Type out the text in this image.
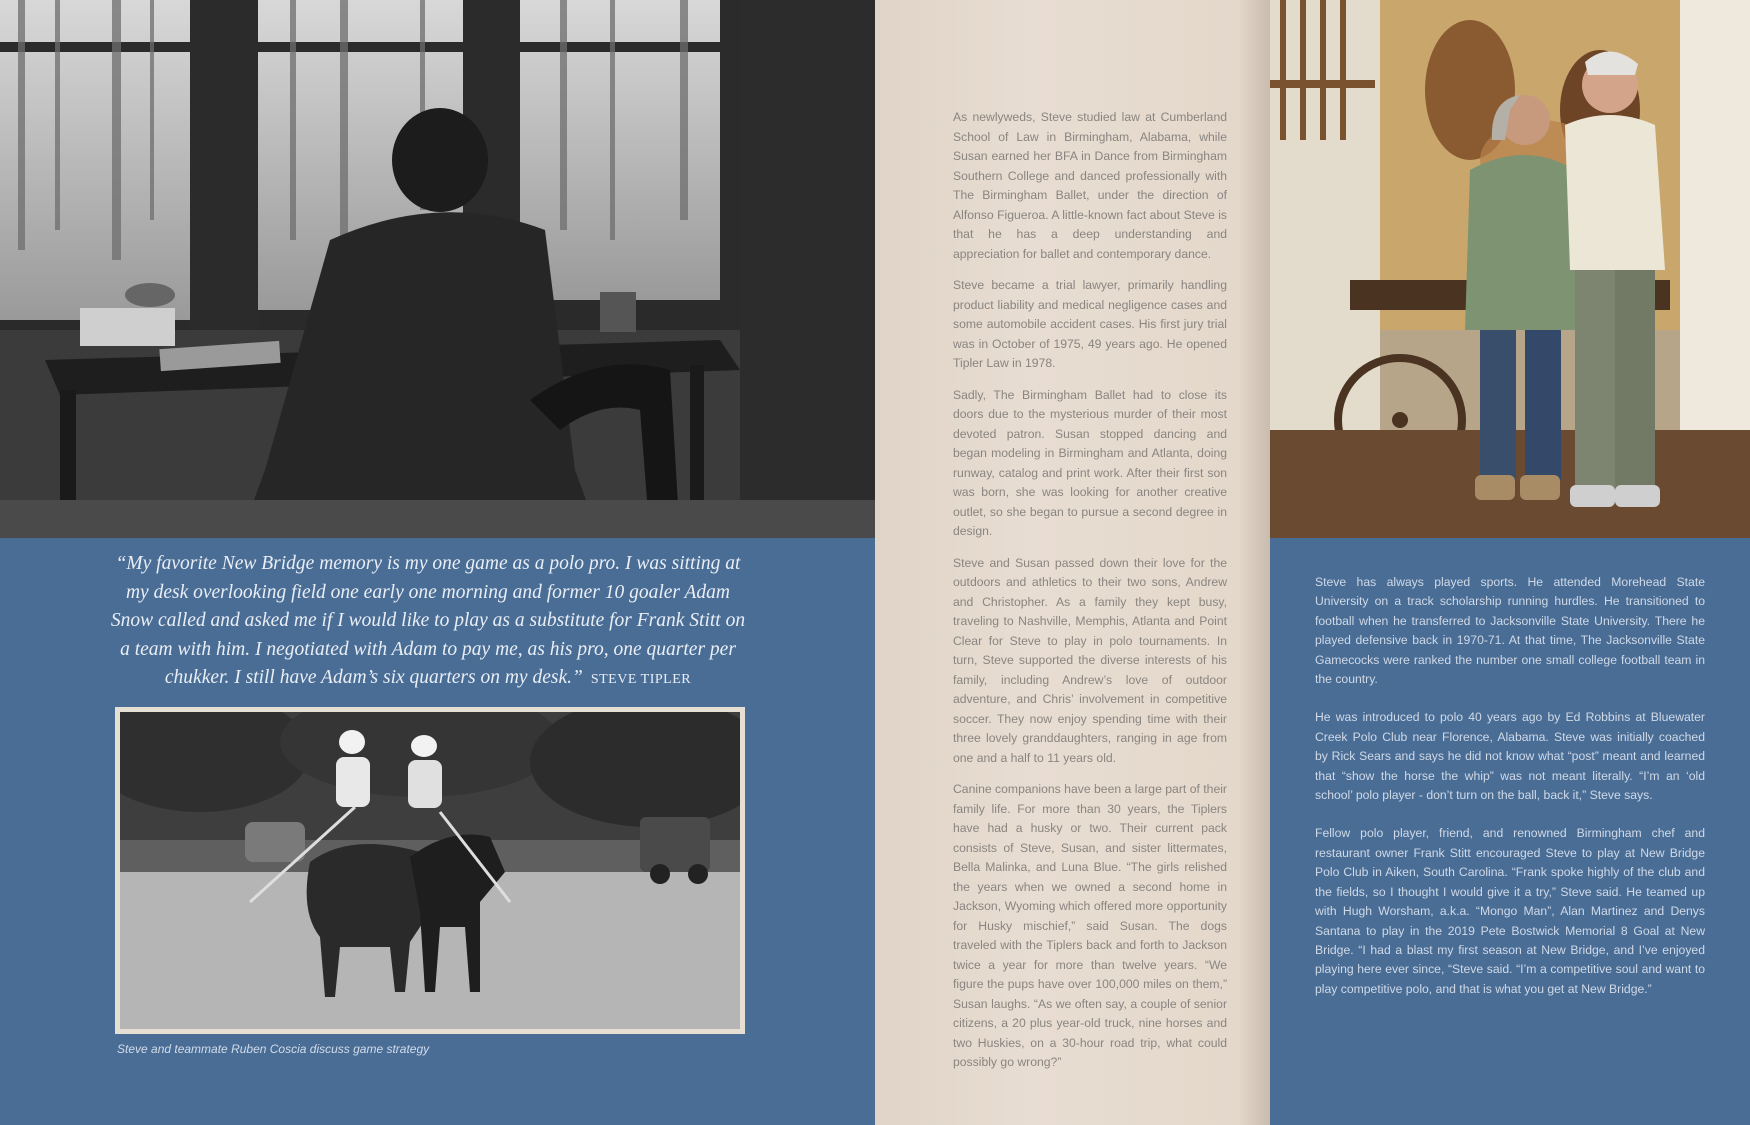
“My favorite New Bridge memory is my one game as a polo pro. I was sitting at my desk overlooking field one early one morning and former 10 goaler Adam Snow called and asked me if I would like to play as a substitute for Frank Stitt on a team with him. I negotiated with Adam to pay me, as his pro, one quarter per chukker. I still have Adam’s six quarters on my desk.” STEVE TIPLER

Steve and teammate Ruben Coscia discuss game strategy

As newlyweds, Steve studied law at Cumberland School of Law in Birmingham, Alabama, while Susan earned her BFA in Dance from Birmingham Southern College and danced professionally with The Birmingham Ballet, under the direction of Alfonso Figueroa. A little-known fact about Steve is that he has a deep understanding and appreciation for ballet and contemporary dance.

Steve became a trial lawyer, primarily handling product liability and medical negligence cases and some automobile accident cases. His first jury trial was in October of 1975, 49 years ago. He opened Tipler Law in 1978.

Sadly, The Birmingham Ballet had to close its doors due to the mysterious murder of their most devoted patron. Susan stopped dancing and began modeling in Birmingham and Atlanta, doing runway, catalog and print work. After their first son was born, she was looking for another creative outlet, so she began to pursue a second degree in design.

Steve and Susan passed down their love for the outdoors and athletics to their two sons, Andrew and Christopher. As a family they kept busy, traveling to Nashville, Memphis, Atlanta and Point Clear for Steve to play in polo tournaments. In turn, Steve supported the diverse interests of his family, including Andrew’s love of outdoor adventure, and Chris’ involvement in competitive soccer. They now enjoy spending time with their three lovely granddaughters, ranging in age from one and a half to 11 years old.

Canine companions have been a large part of their family life. For more than 30 years, the Tiplers have had a husky or two. Their current pack consists of Steve, Susan, and sister littermates, Bella Malinka, and Luna Blue. “The girls relished the years when we owned a second home in Jackson, Wyoming which offered more opportunity for Husky mischief,” said Susan. The dogs traveled with the Tiplers back and forth to Jackson twice a year for more than twelve years. “We figure the pups have over 100,000 miles on them,” Susan laughs. “As we often say, a couple of senior citizens, a 20 plus year-old truck, nine horses and two Huskies, on a 30-hour road trip, what could possibly go wrong?”

Steve has always played sports. He attended Morehead State University on a track scholarship running hurdles. He transitioned to football when he transferred to Jacksonville State University. There he played defensive back in 1970-71. At that time, The Jacksonville State Gamecocks were ranked the number one small college football team in the country.

He was introduced to polo 40 years ago by Ed Robbins at Bluewater Creek Polo Club near Florence, Alabama. Steve was initially coached by Rick Sears and says he did not know what “post” meant and learned that “show the horse the whip” was not meant literally. “I’m an ‘old school’ polo player - don’t turn on the ball, back it,” Steve says.

Fellow polo player, friend, and renowned Birmingham chef and restaurant owner Frank Stitt encouraged Steve to play at New Bridge Polo Club in Aiken, South Carolina. “Frank spoke highly of the club and the fields, so I thought I would give it a try,” Steve said. He teamed up with Hugh Worsham, a.k.a. “Mongo Man”, Alan Martinez and Denys Santana to play in the 2019 Pete Bostwick Memorial 8 Goal at New Bridge. “I had a blast my first season at New Bridge, and I’ve enjoyed playing here ever since, “Steve said. “I’m a competitive soul and want to play competitive polo, and that is what you get at New Bridge.”
